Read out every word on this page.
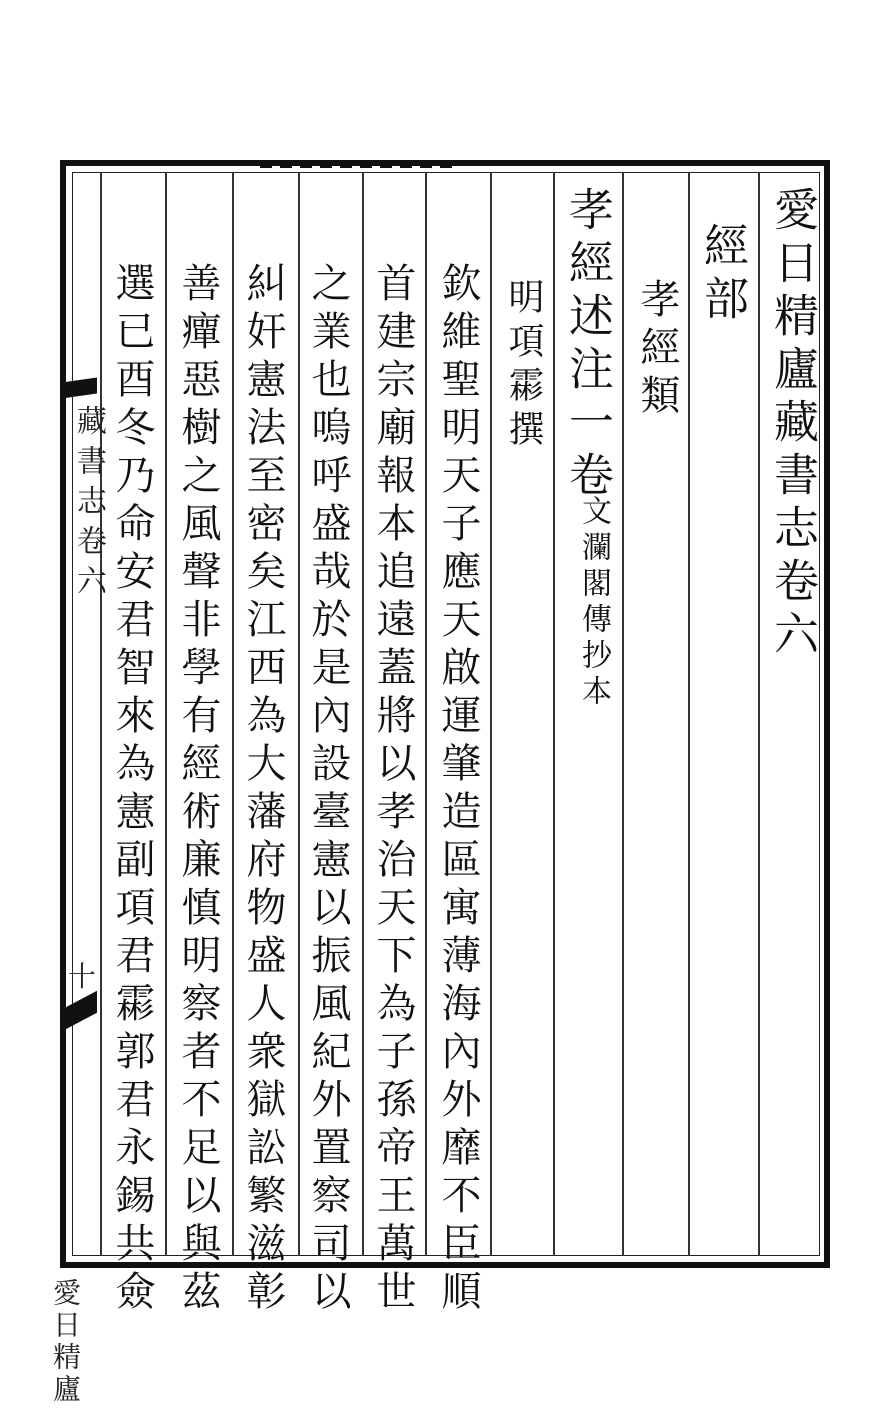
愛日精廬藏書志卷六
經部
孝經類
孝經述注一卷
文瀾閣傳抄本
明項霦撰
欽維聖明天子應天啟運肇造區寓薄海內外靡不臣順
首建宗廟報本追遠蓋將以孝治天下為子孫帝王萬世
之業也嗚呼盛哉於是內設臺憲以振風紀外置察司以
糾奸憲法至密矣江西為大藩府物盛人衆獄訟繁滋彰
善癉惡樹之風聲非學有經術廉慎明察者不足以與茲
選已酉冬乃命安君智來為憲副項君霦郭君永錫共僉
藏書志卷六
十
愛日精廬
